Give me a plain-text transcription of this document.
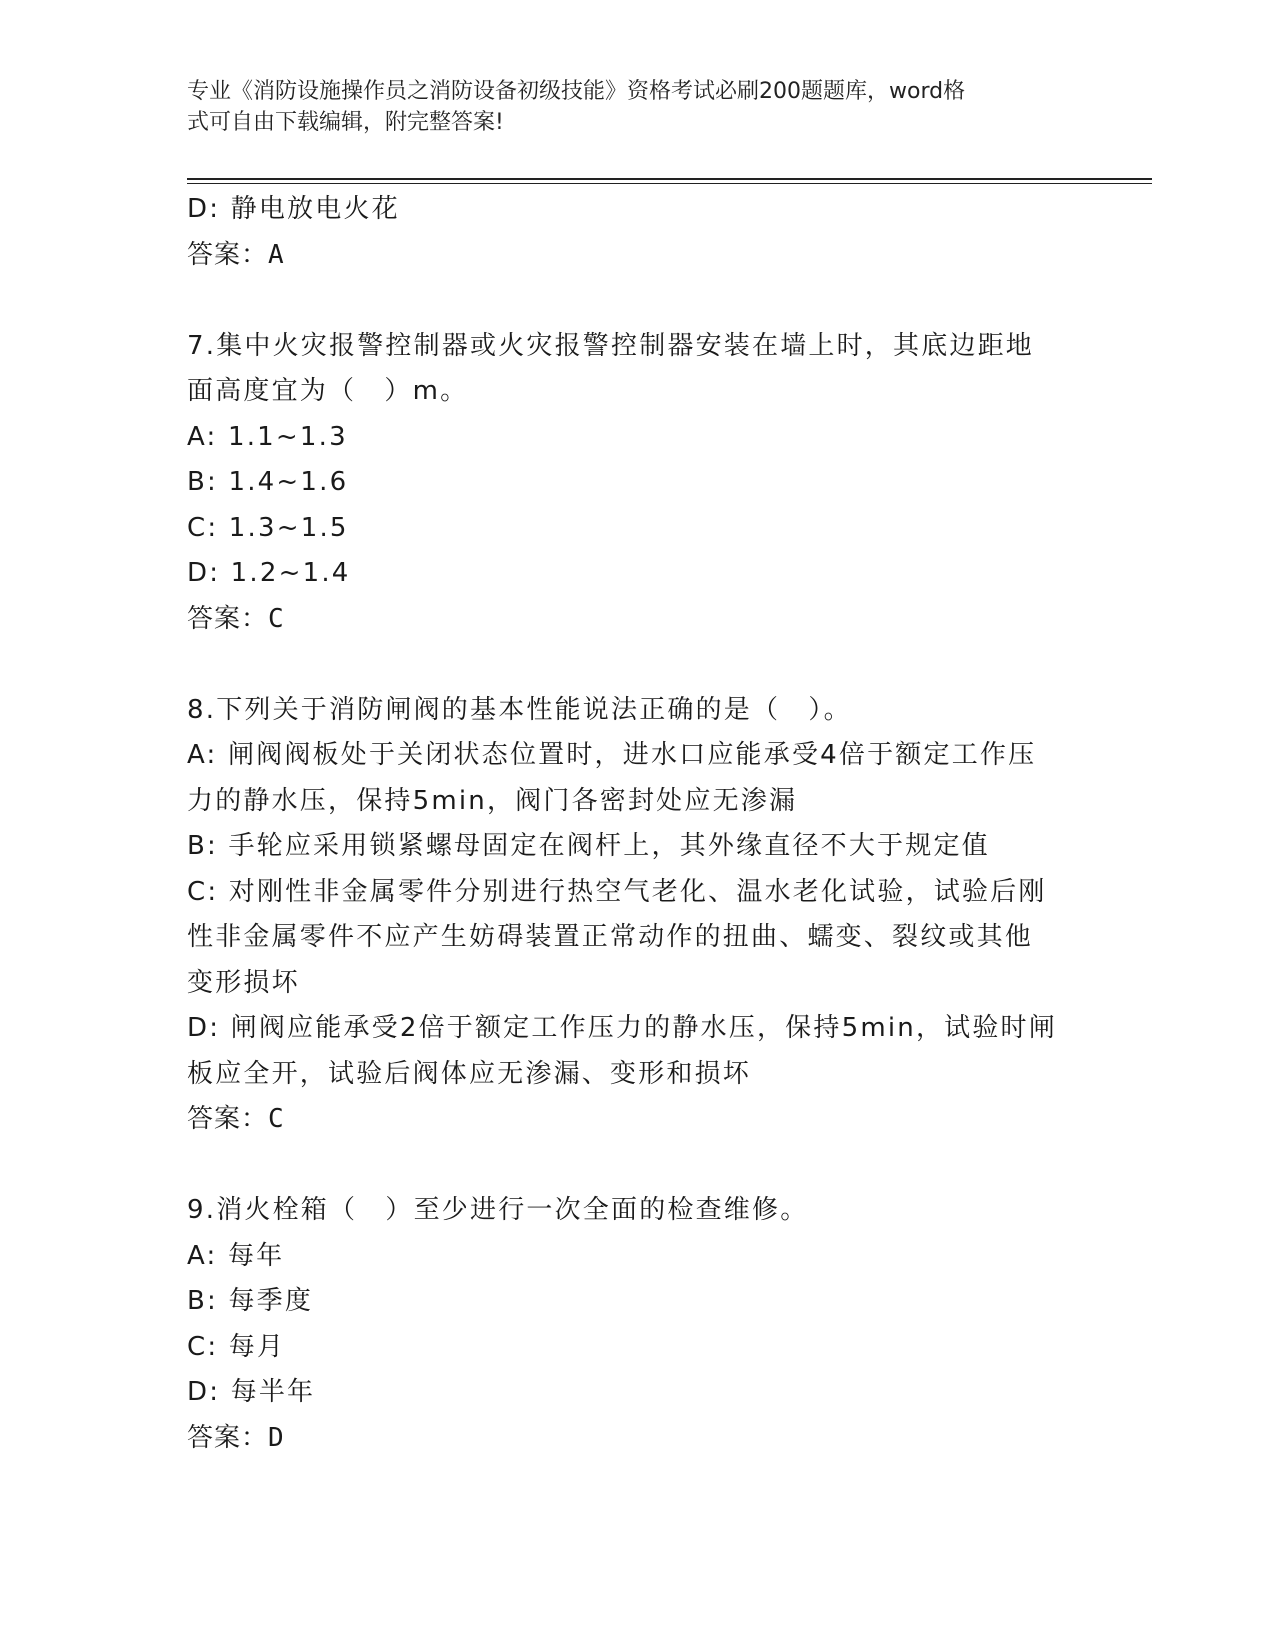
专业《消防设施操作员之消防设备初级技能》资格考试必刷200题题库，word格
式可自由下载编辑，附完整答案!
D: 静电放电火花
答案：A
7.集中火灾报警控制器或火灾报警控制器安装在墙上时，其底边距地
面高度宜为（　）m。
A: 1.1~1.3
B: 1.4~1.6
C: 1.3~1.5
D: 1.2~1.4
答案：C
8.下列关于消防闸阀的基本性能说法正确的是（　）。
A: 闸阀阀板处于关闭状态位置时，进水口应能承受4倍于额定工作压
力的静水压，保持5min，阀门各密封处应无渗漏
B: 手轮应采用锁紧螺母固定在阀杆上，其外缘直径不大于规定值
C: 对刚性非金属零件分别进行热空气老化、温水老化试验，试验后刚
性非金属零件不应产生妨碍装置正常动作的扭曲、蠕变、裂纹或其他
变形损坏
D: 闸阀应能承受2倍于额定工作压力的静水压，保持5min，试验时闸
板应全开，试验后阀体应无渗漏、变形和损坏
答案：C
9.消火栓箱（　）至少进行一次全面的检查维修。
A: 每年
B: 每季度
C: 每月
D: 每半年
答案：D
